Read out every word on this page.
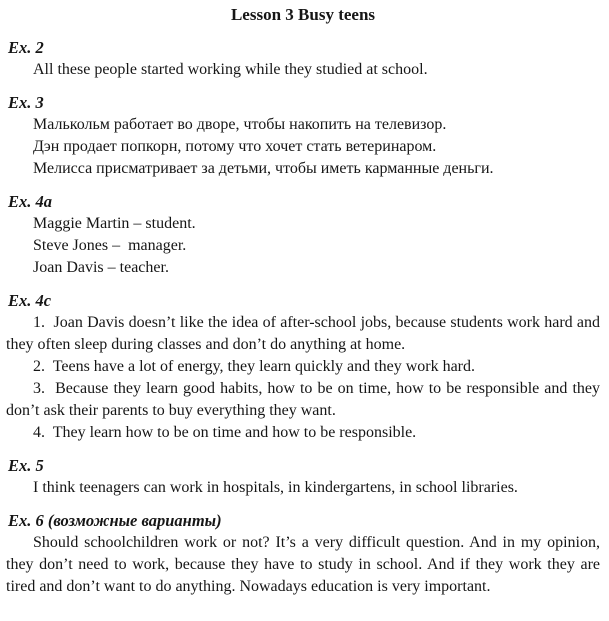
Lesson 3 Busy teens
Ex. 2

All these people started working while they studied at school.

Ex. 3

Малькольм работает во дворе, чтобы накопить на телевизор.

Дэн продает попкорн, потому что хочет стать ветеринаром.

Мелисса присматривает за детьми, чтобы иметь карманные деньги.

Ex. 4a

Maggie Martin – student.

Steve Jones –  manager.

Joan Davis – teacher.

Ex. 4c

1.  Joan Davis doesn’t like the idea of after-school jobs, because students work hard and they often sleep during classes and don’t do anything at home.

2.  Teens have a lot of energy, they learn quickly and they work hard.

3.  Because they learn good habits, how to be on time, how to be responsible and they don’t ask their parents to buy everything they want.

4.  They learn how to be on time and how to be responsible.

Ex. 5

I think teenagers can work in hospitals, in kindergartens, in school libraries.

Ex. 6 (возможные варианты)

Should schoolchildren work or not? It’s a very difficult question. And in my opinion, they don’t need to work, because they have to study in school. And if they work they are tired and don’t want to do anything. Nowadays education is very important.
